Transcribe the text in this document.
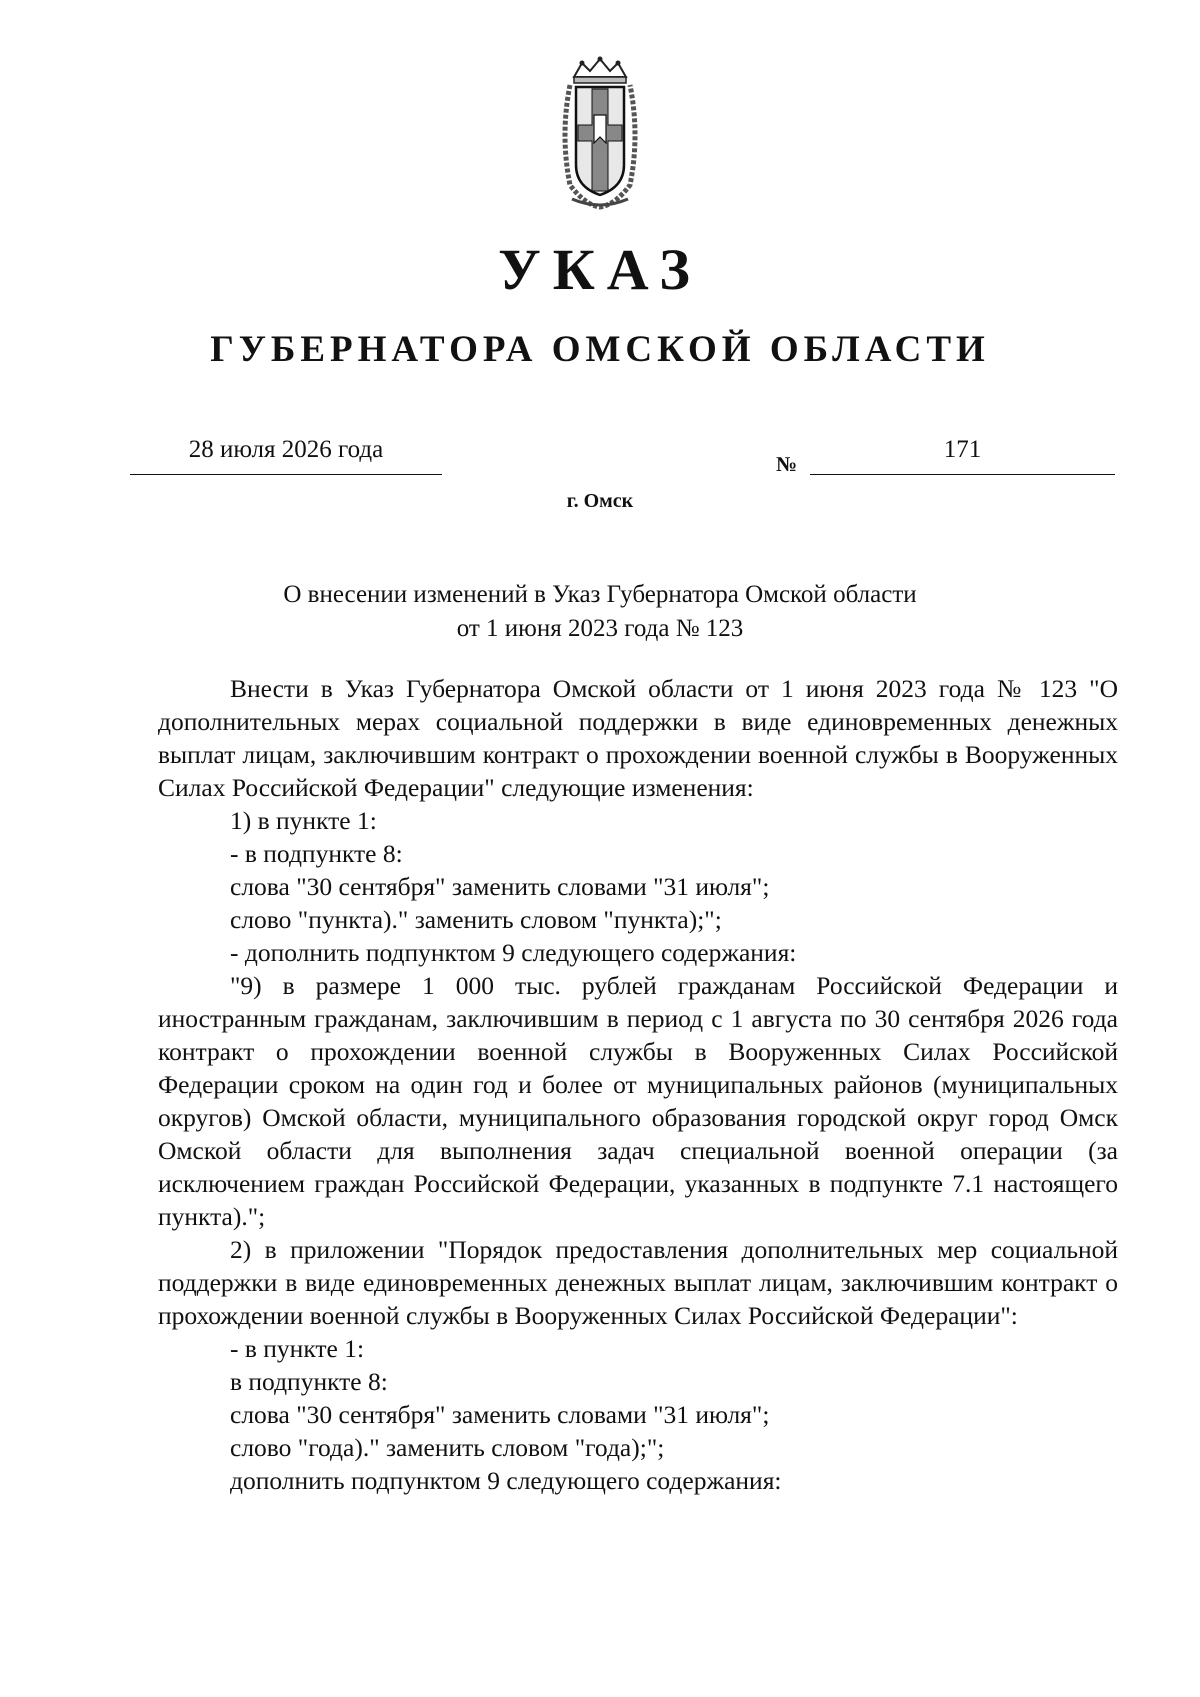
УКАЗ
ГУБЕРНАТОРА ОМСКОЙ ОБЛАСТИ
28 июля 2026 года
№
171
г. Омск
О внесении изменений в Указ Губернатора Омской области
от 1 июня 2023 года № 123

Внести в Указ Губернатора Омской области от 1 июня 2023 года № 123 "О дополнительных мерах социальной поддержки в виде единовременных денежных выплат лицам, заключившим контракт о прохождении военной службы в Вооруженных Силах Российской Федерации" следующие изменения:

1) в пункте 1:

- в подпункте 8:

слова "30 сентября" заменить словами "31 июля";

слово "пункта)." заменить словом "пункта);";

- дополнить подпунктом 9 следующего содержания:

"9) в размере 1 000 тыс. рублей гражданам Российской Федерации и иностранным гражданам, заключившим в период с 1 августа по 30 сентября 2026 года контракт о прохождении военной службы в Вооруженных Силах Российской Федерации сроком на один год и более от муниципальных районов (муниципальных округов) Омской области, муниципального образования городской округ город Омск Омской области для выполнения задач специальной военной операции (за исключением граждан Российской Федерации, указанных в подпункте 7.1 настоящего пункта).";

2) в приложении "Порядок предоставления дополнительных мер социальной поддержки в виде единовременных денежных выплат лицам, заключившим контракт о прохождении военной службы в Вооруженных Силах Российской Федерации":

- в пункте 1:

в подпункте 8:

слова "30 сентября" заменить словами "31 июля";

слово "года)." заменить словом "года);";

дополнить подпунктом 9 следующего содержания:
